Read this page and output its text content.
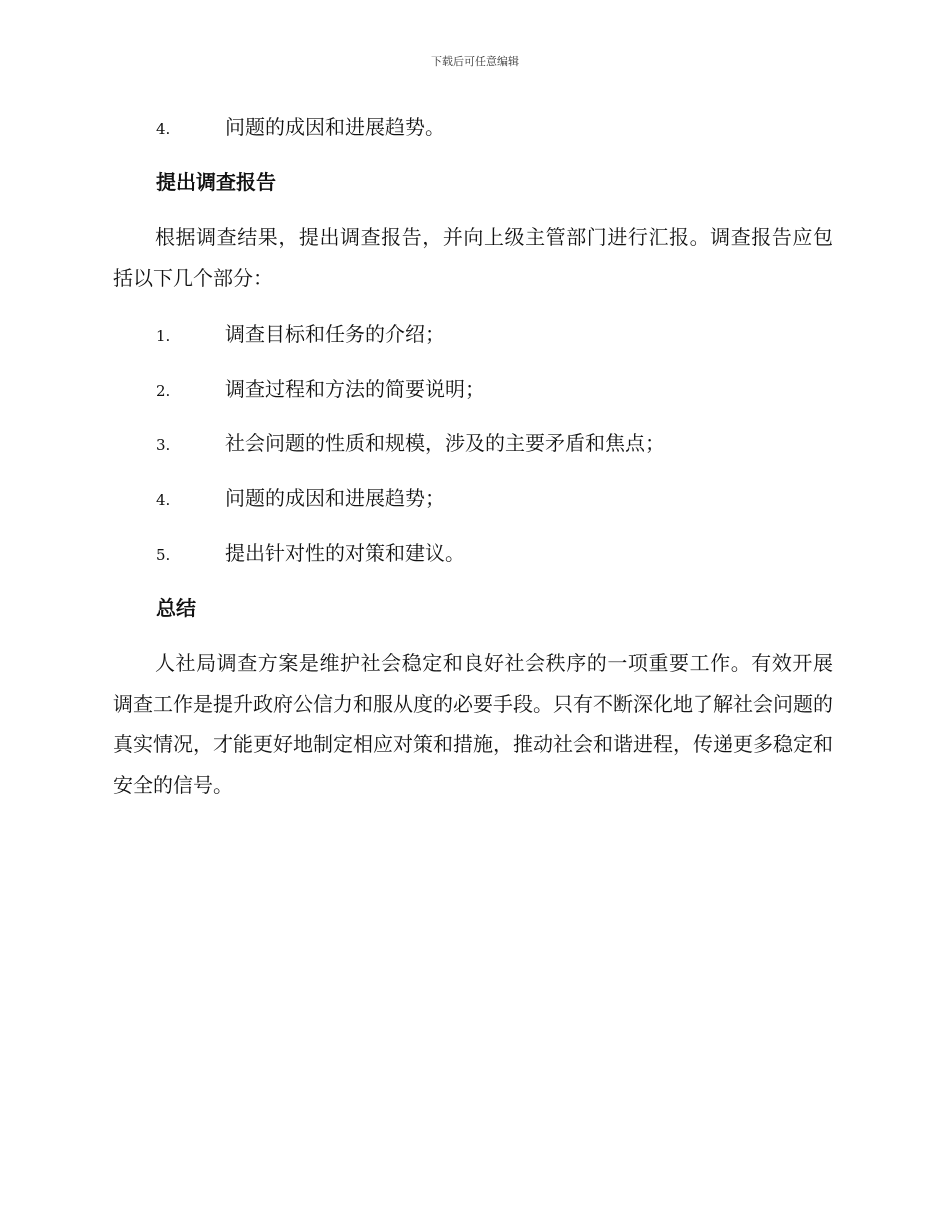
下载后可任意编辑
4.	问题的成因和进展趋势。
提出调查报告
根据调查结果，提出调查报告，并向上级主管部门进行汇报。调查报告应包括以下几个部分：
1.	调查目标和任务的介绍；
2.	调查过程和方法的简要说明；
3.	社会问题的性质和规模，涉及的主要矛盾和焦点；
4.	问题的成因和进展趋势；
5.	提出针对性的对策和建议。
总结
人社局调查方案是维护社会稳定和良好社会秩序的一项重要工作。有效开展调查工作是提升政府公信力和服从度的必要手段。只有不断深化地了解社会问题的真实情况，才能更好地制定相应对策和措施，推动社会和谐进程，传递更多稳定和安全的信号。
